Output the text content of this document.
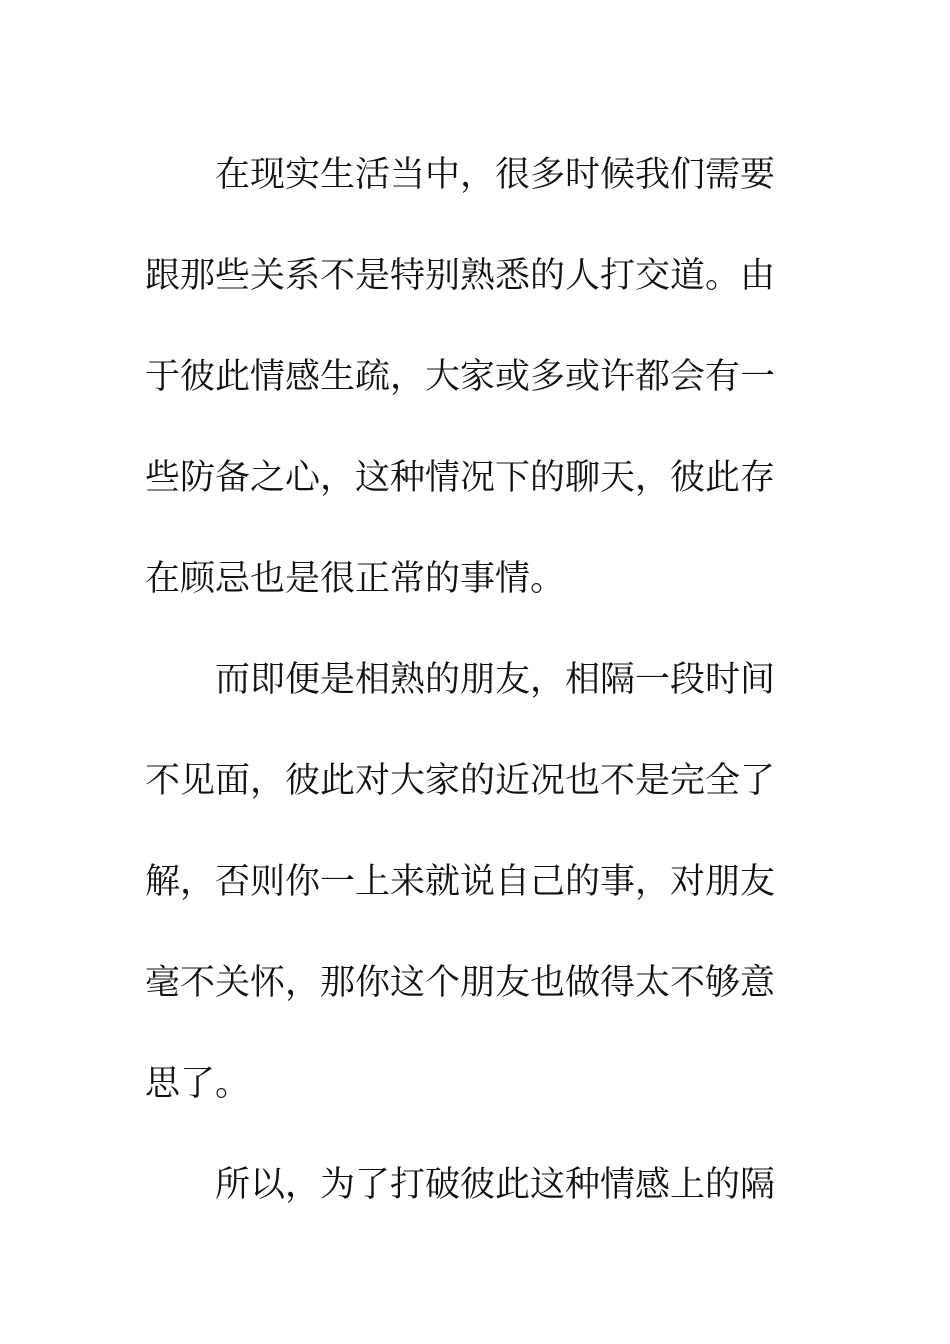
在现实生活当中，很多时候我们需要
跟那些关系不是特别熟悉的人打交道。由
于彼此情感生疏，大家或多或许都会有一
些防备之心，这种情况下的聊天，彼此存
在顾忌也是很正常的事情。
而即便是相熟的朋友，相隔一段时间
不见面，彼此对大家的近况也不是完全了
解，否则你一上来就说自己的事，对朋友
毫不关怀，那你这个朋友也做得太不够意
思了。
所以，为了打破彼此这种情感上的隔
